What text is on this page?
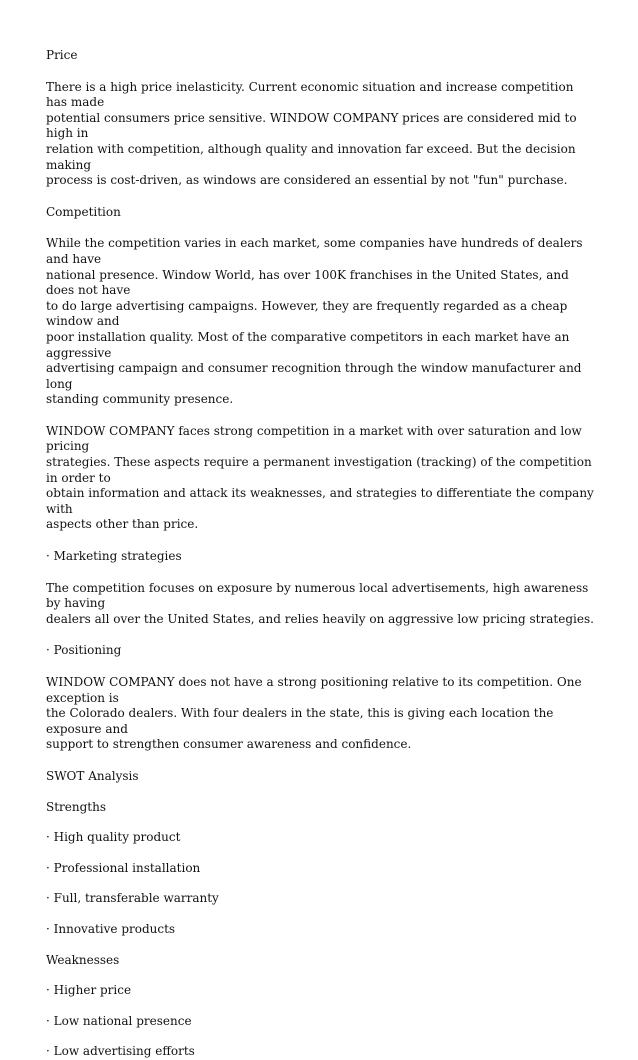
Price

There is a high price inelasticity. Current economic situation and increase competition has made
potential consumers price sensitive. WINDOW COMPANY prices are considered mid to high in
relation with competition, although quality and innovation far exceed. But the decision making
process is cost-driven, as windows are considered an essential by not "fun" purchase.

Competition

While the competition varies in each market, some companies have hundreds of dealers and have
national presence. Window World, has over 100K franchises in the United States, and does not have
to do large advertising campaigns. However, they are frequently regarded as a cheap window and
poor installation quality. Most of the comparative competitors in each market have an aggressive
advertising campaign and consumer recognition through the window manufacturer and long
standing community presence.

WINDOW COMPANY faces strong competition in a market with over saturation and low pricing
strategies. These aspects require a permanent investigation (tracking) of the competition in order to
obtain information and attack its weaknesses, and strategies to differentiate the company with
aspects other than price.

· Marketing strategies

The competition focuses on exposure by numerous local advertisements, high awareness by having
dealers all over the United States, and relies heavily on aggressive low pricing strategies.

· Positioning

WINDOW COMPANY does not have a strong positioning relative to its competition. One exception is
the Colorado dealers. With four dealers in the state, this is giving each location the exposure and
support to strengthen consumer awareness and confidence.

SWOT Analysis

Strengths

· High quality product

· Professional installation

· Full, transferable warranty

· Innovative products

Weaknesses

· Higher price

· Low national presence

· Low advertising efforts
